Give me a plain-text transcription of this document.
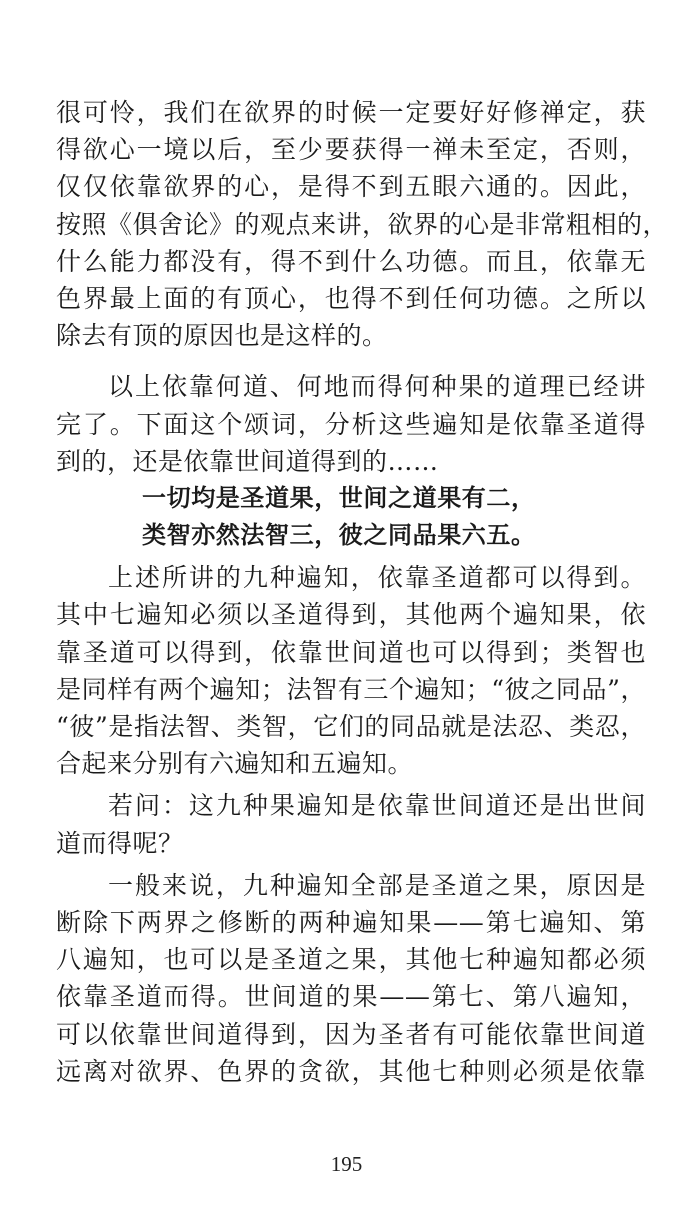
很可怜，我们在欲界的时候一定要好好修禅定，获
得欲心一境以后，至少要获得一禅未至定，否则，
仅仅依靠欲界的心，是得不到五眼六通的。因此，
按照《俱舍论》的观点来讲，欲界的心是非常粗相的，
什么能力都没有，得不到什么功德。而且，依靠无
色界最上面的有顶心，也得不到任何功德。之所以
除去有顶的原因也是这样的。
以上依靠何道、何地而得何种果的道理已经讲
完了。下面这个颂词，分析这些遍知是依靠圣道得
到的，还是依靠世间道得到的……
一切均是圣道果，世间之道果有二，
类智亦然法智三，彼之同品果六五。
上述所讲的九种遍知，依靠圣道都可以得到。
其中七遍知必须以圣道得到，其他两个遍知果，依
靠圣道可以得到，依靠世间道也可以得到；类智也
是同样有两个遍知；法智有三个遍知；“彼之同品”，
“彼”是指法智、类智，它们的同品就是法忍、类忍，
合起来分别有六遍知和五遍知。
若问：这九种果遍知是依靠世间道还是出世间
道而得呢？
一般来说，九种遍知全部是圣道之果，原因是
断除下两界之修断的两种遍知果——第七遍知、第
八遍知，也可以是圣道之果，其他七种遍知都必须
依靠圣道而得。世间道的果——第七、第八遍知，
可以依靠世间道得到，因为圣者有可能依靠世间道
远离对欲界、色界的贪欲，其他七种则必须是依靠
195
